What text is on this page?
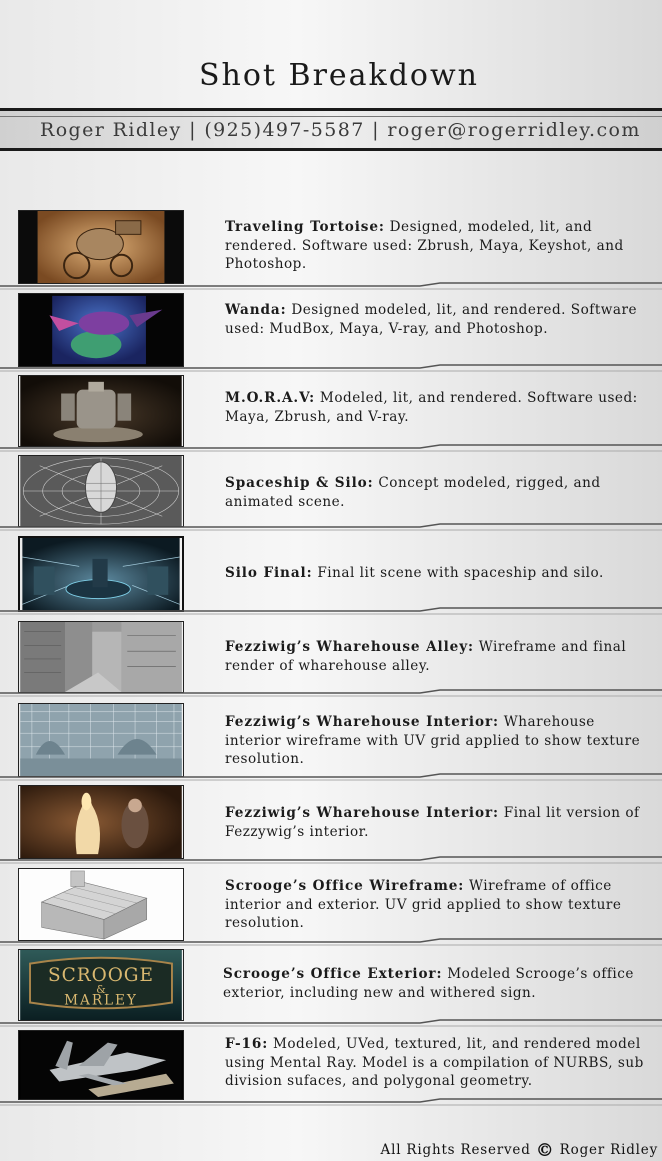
Shot Breakdown
Roger Ridley | (925)497-5587 | roger@rogerridley.com
Traveling Tortoise: Designed, modeled, lit, and rendered. Software used: Zbrush, Maya, Keyshot, and Photoshop.
Wanda: Designed modeled, lit, and rendered. Software used: MudBox, Maya, V-ray, and Photoshop.
M.O.R.A.V: Modeled, lit, and rendered. Software used: Maya, Zbrush, and V-ray.
Spaceship & Silo: Concept modeled, rigged, and animated scene.
Silo Final: Final lit scene with spaceship and silo.
Fezziwig’s Wharehouse Alley: Wireframe and final render of wharehouse alley.
Fezziwig’s Wharehouse Interior: Wharehouse interior wireframe with UV grid applied to show texture resolution.
Fezziwig’s Wharehouse Interior: Final lit version of Fezzywig’s interior.
Scrooge’s Office Wireframe: Wireframe of office interior and exterior. UV grid applied to show texture resolution.
SCROOGE
&
MARLEY
Scrooge’s Office Exterior: Modeled Scrooge’s office exterior, including new and withered sign.
F-16: Modeled, UVed, textured, lit, and rendered model using Mental Ray. Model is a compilation of NURBS, sub division sufaces, and polygonal geometry.
All Rights Reserved © Roger Ridley
